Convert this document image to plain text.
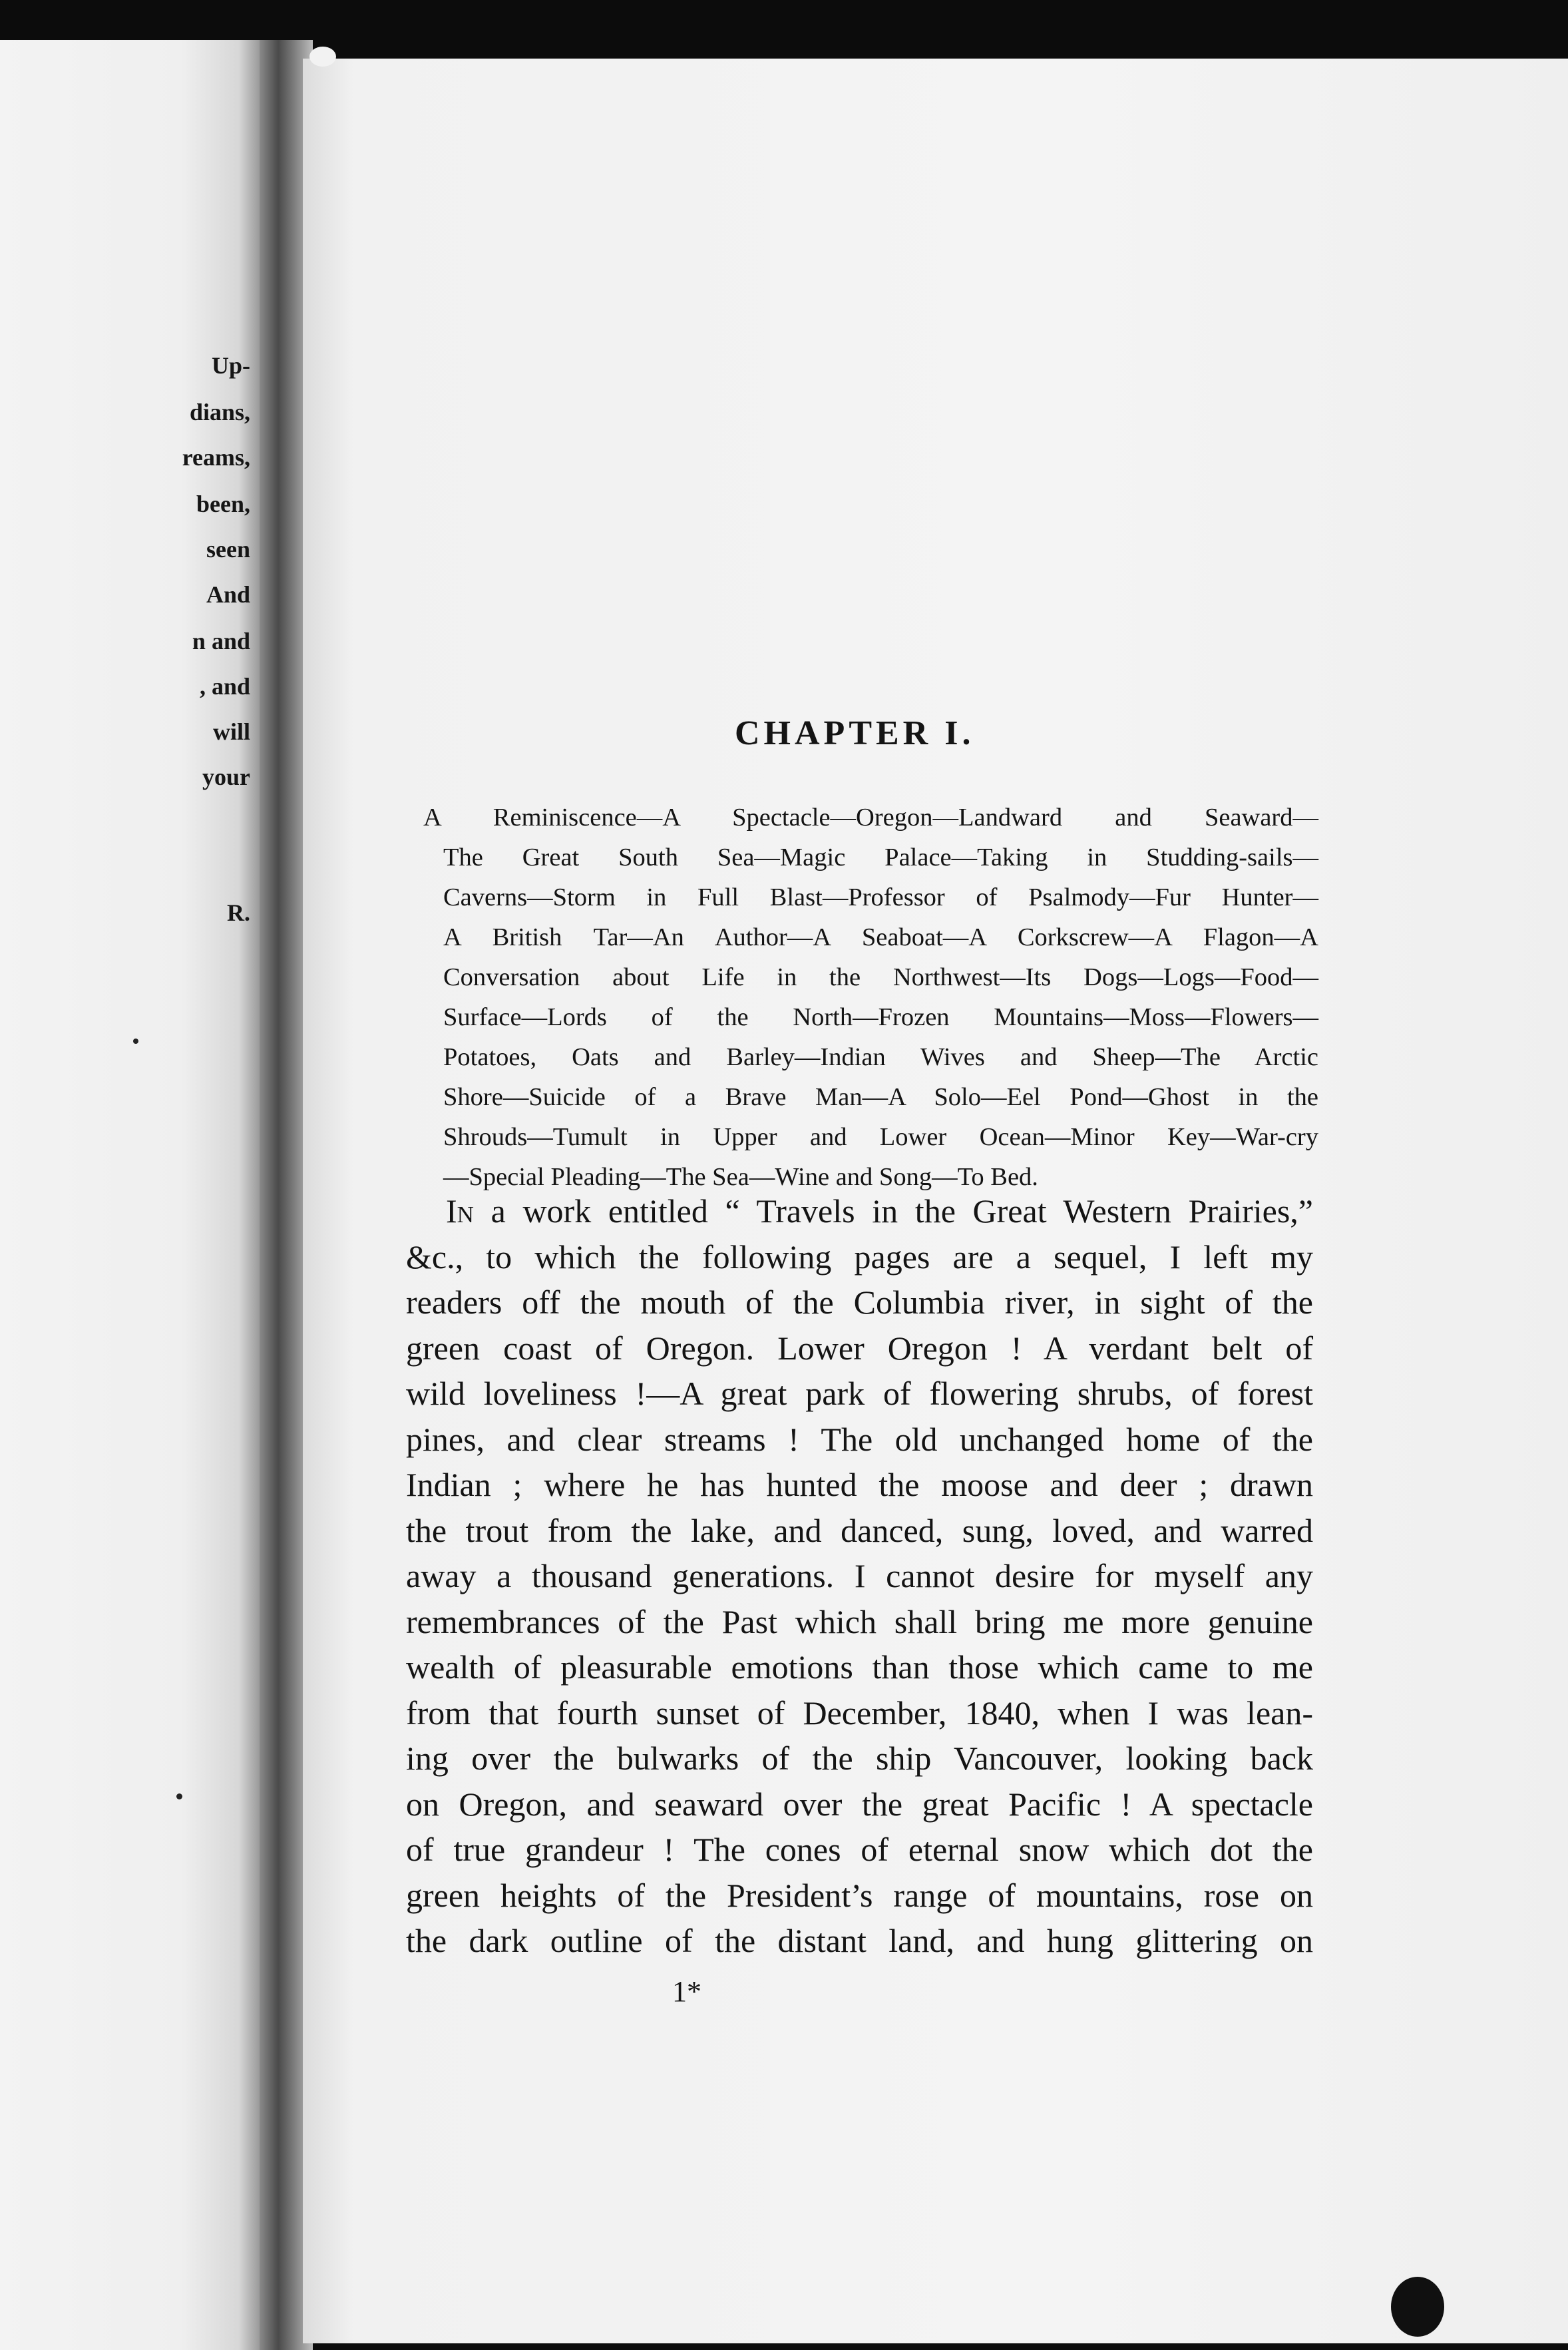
Up-
dians,
reams,
been,
seen
And
n and
, and
will
your
R.
CHAPTER I.
A Reminiscence—A Spectacle—Oregon—Landward and Seaward—
The Great South Sea—Magic Palace—Taking in Studding-sails—
Caverns—Storm in Full Blast—Professor of Psalmody—Fur Hunter—
A British Tar—An Author—A Seaboat—A Corkscrew—A Flagon—A
Conversation about Life in the Northwest—Its Dogs—Logs—Food—
Surface—Lords of the North—Frozen Mountains—Moss—Flowers—
Potatoes, Oats and Barley—Indian Wives and Sheep—The Arctic
Shore—Suicide of a Brave Man—A Solo—Eel Pond—Ghost in the
Shrouds—Tumult in Upper and Lower Ocean—Minor Key—War-cry
—Special Pleading—The Sea—Wine and Song—To Bed.
In a work entitled “ Travels in the Great Western Prairies,”
&c., to which the following pages are a sequel, I left my
readers off the mouth of the Columbia river, in sight of the
green coast of Oregon. Lower Oregon ! A verdant belt of
wild loveliness !—A great park of flowering shrubs, of forest
pines, and clear streams ! The old unchanged home of the
Indian ; where he has hunted the moose and deer ; drawn
the trout from the lake, and danced, sung, loved, and warred
away a thousand generations. I cannot desire for myself any
remembrances of the Past which shall bring me more genuine
wealth of pleasurable emotions than those which came to me
from that fourth sunset of December, 1840, when I was lean-
ing over the bulwarks of the ship Vancouver, looking back
on Oregon, and seaward over the great Pacific ! A spectacle
of true grandeur ! The cones of eternal snow which dot the
green heights of the President’s range of mountains, rose on
the dark outline of the distant land, and hung glittering on
1*
